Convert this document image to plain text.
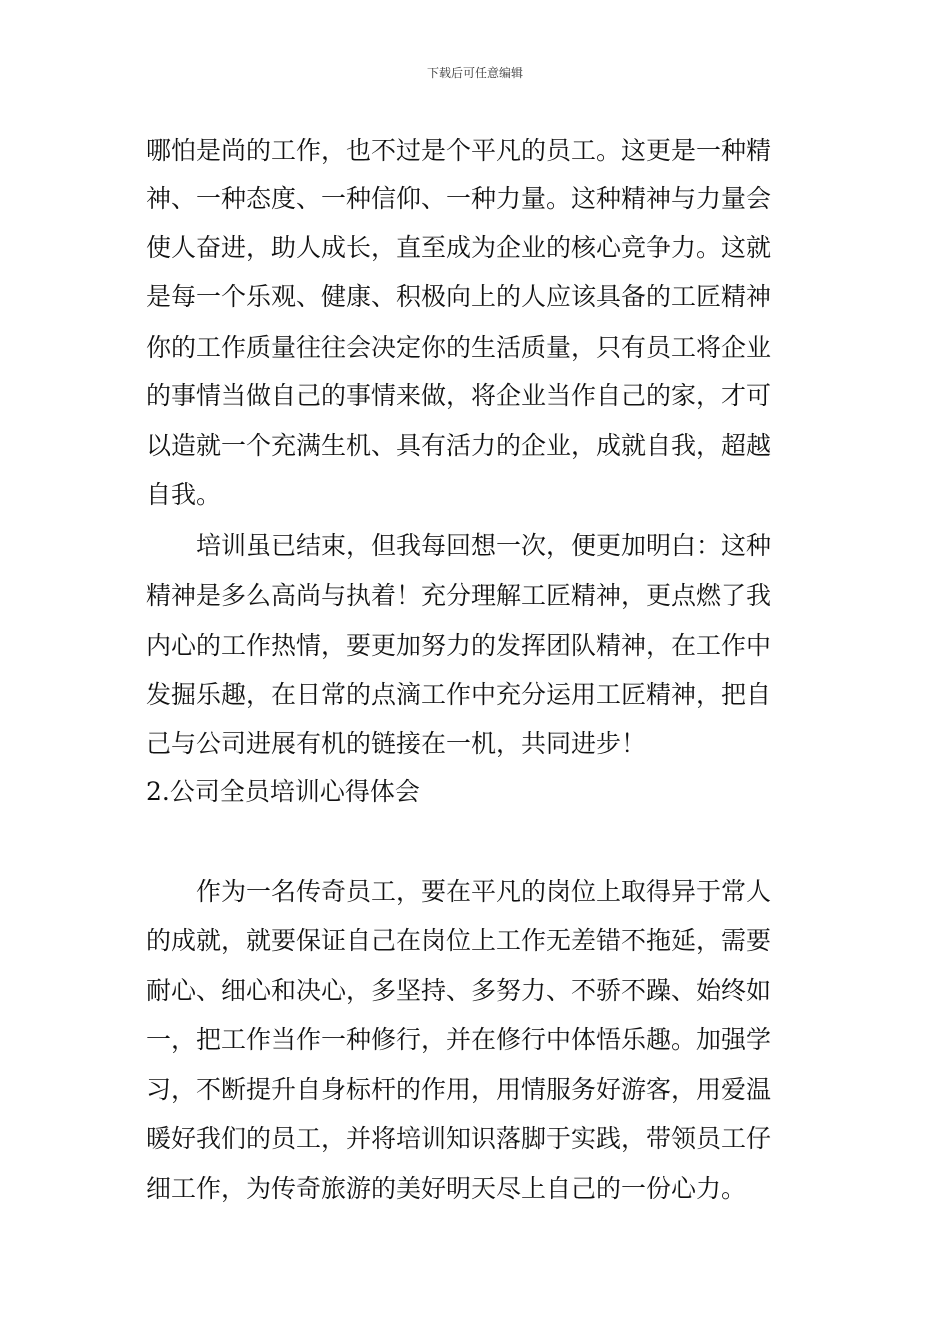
下载后可任意编辑
哪怕是尚的工作，也不过是个平凡的员工。这更是一种精
神、一种态度、一种信仰、一种力量。这种精神与力量会
使人奋进，助人成长，直至成为企业的核心竞争力。这就
是每一个乐观、健康、积极向上的人应该具备的工匠精神
你的工作质量往往会决定你的生活质量，只有员工将企业
的事情当做自己的事情来做，将企业当作自己的家，才可
以造就一个充满生机、具有活力的企业，成就自我，超越
自我。
培训虽已结束，但我每回想一次，便更加明白：这种
精神是多么高尚与执着！充分理解工匠精神，更点燃了我
内心的工作热情，要更加努力的发挥团队精神，在工作中
发掘乐趣，在日常的点滴工作中充分运用工匠精神，把自
己与公司进展有机的链接在一机，共同进步！
2.公司全员培训心得体会
作为一名传奇员工，要在平凡的岗位上取得异于常人
的成就，就要保证自己在岗位上工作无差错不拖延，需要
耐心、细心和决心，多坚持、多努力、不骄不躁、始终如
一，把工作当作一种修行，并在修行中体悟乐趣。加强学
习，不断提升自身标杆的作用，用情服务好游客，用爱温
暖好我们的员工，并将培训知识落脚于实践，带领员工仔
细工作，为传奇旅游的美好明天尽上自己的一份心力。
